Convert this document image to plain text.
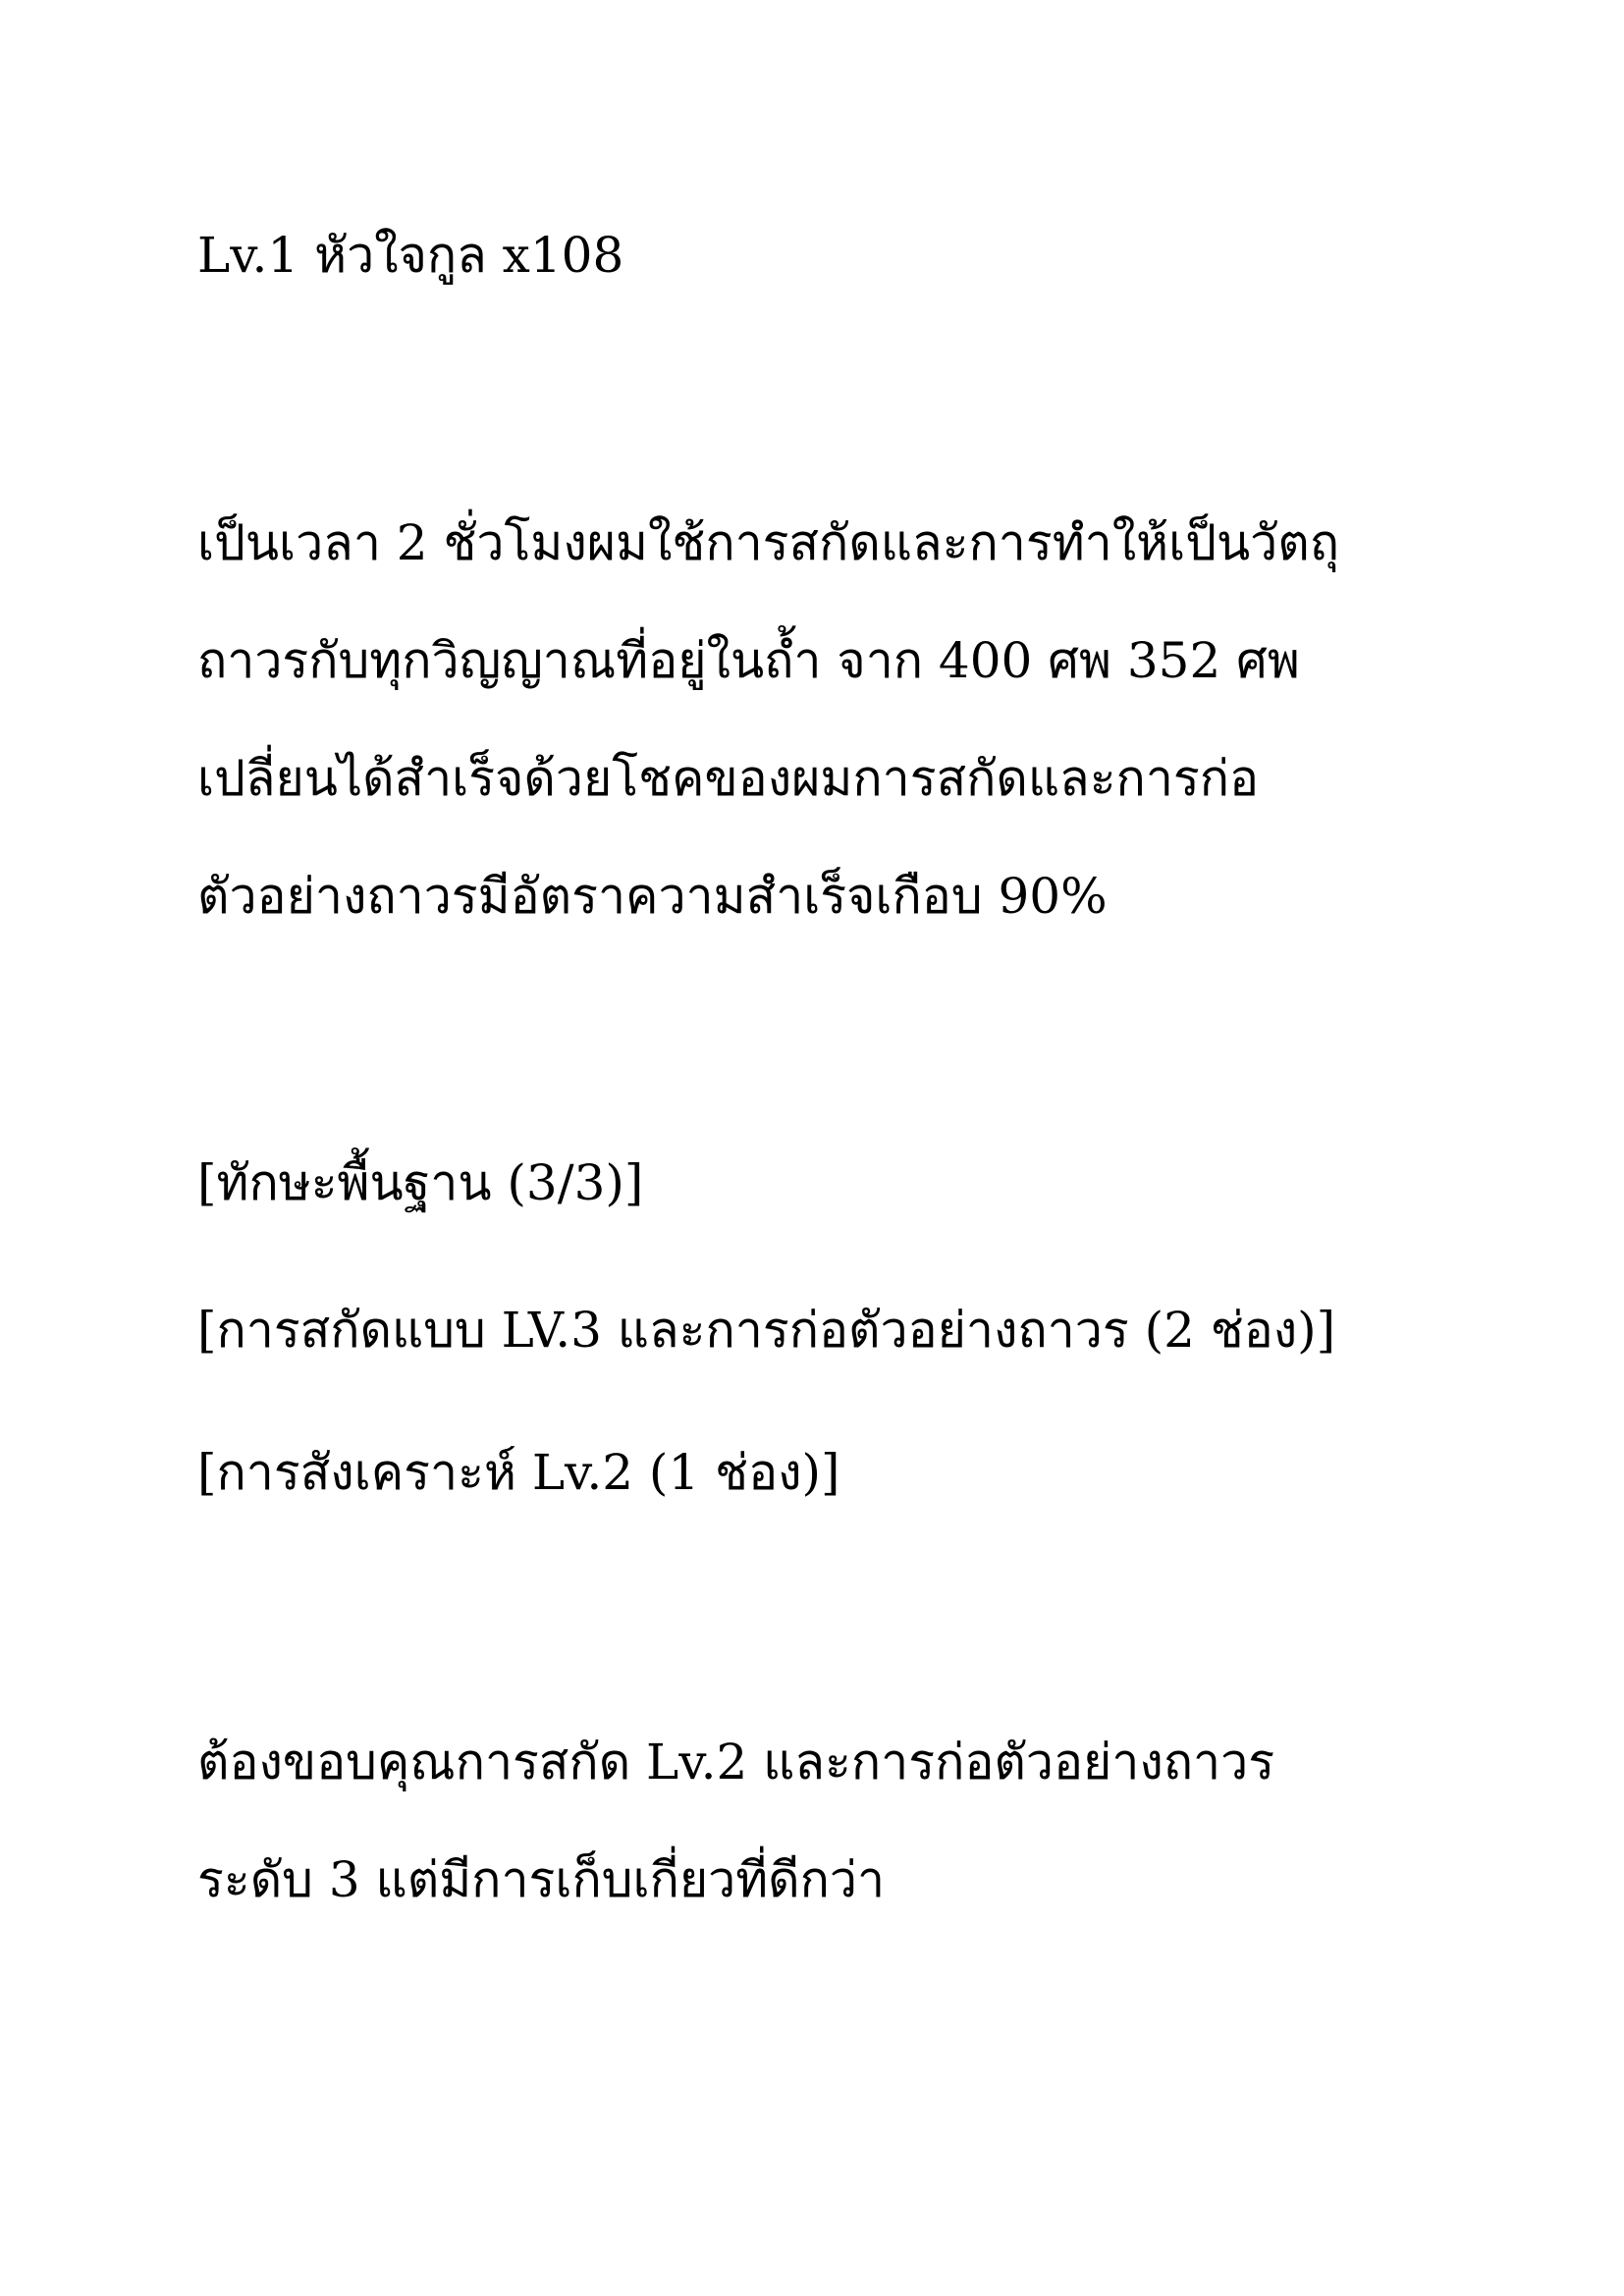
Lv.1 หัวใจกูล x108
เป็นเวลา 2 ชั่วโมงผมใช้การสกัดและการทำให้เป็นวัตถุ
ถาวรกับทุกวิญญาณที่อยู่ในถ้ำ จาก 400 ศพ 352 ศพ
เปลี่ยนได้สำเร็จด้วยโชคของผมการสกัดและการก่อ
ตัวอย่างถาวรมีอัตราความสำเร็จเกือบ 90%
[ทักษะพื้นฐาน (3/3)]
[การสกัดแบบ LV.3 และการก่อตัวอย่างถาวร (2 ช่อง)]
[การสังเคราะห์ Lv.2 (1 ช่อง)]
ต้องขอบคุณการสกัด Lv.2 และการก่อตัวอย่างถาวร
ระดับ 3 แต่มีการเก็บเกี่ยวที่ดีกว่า
